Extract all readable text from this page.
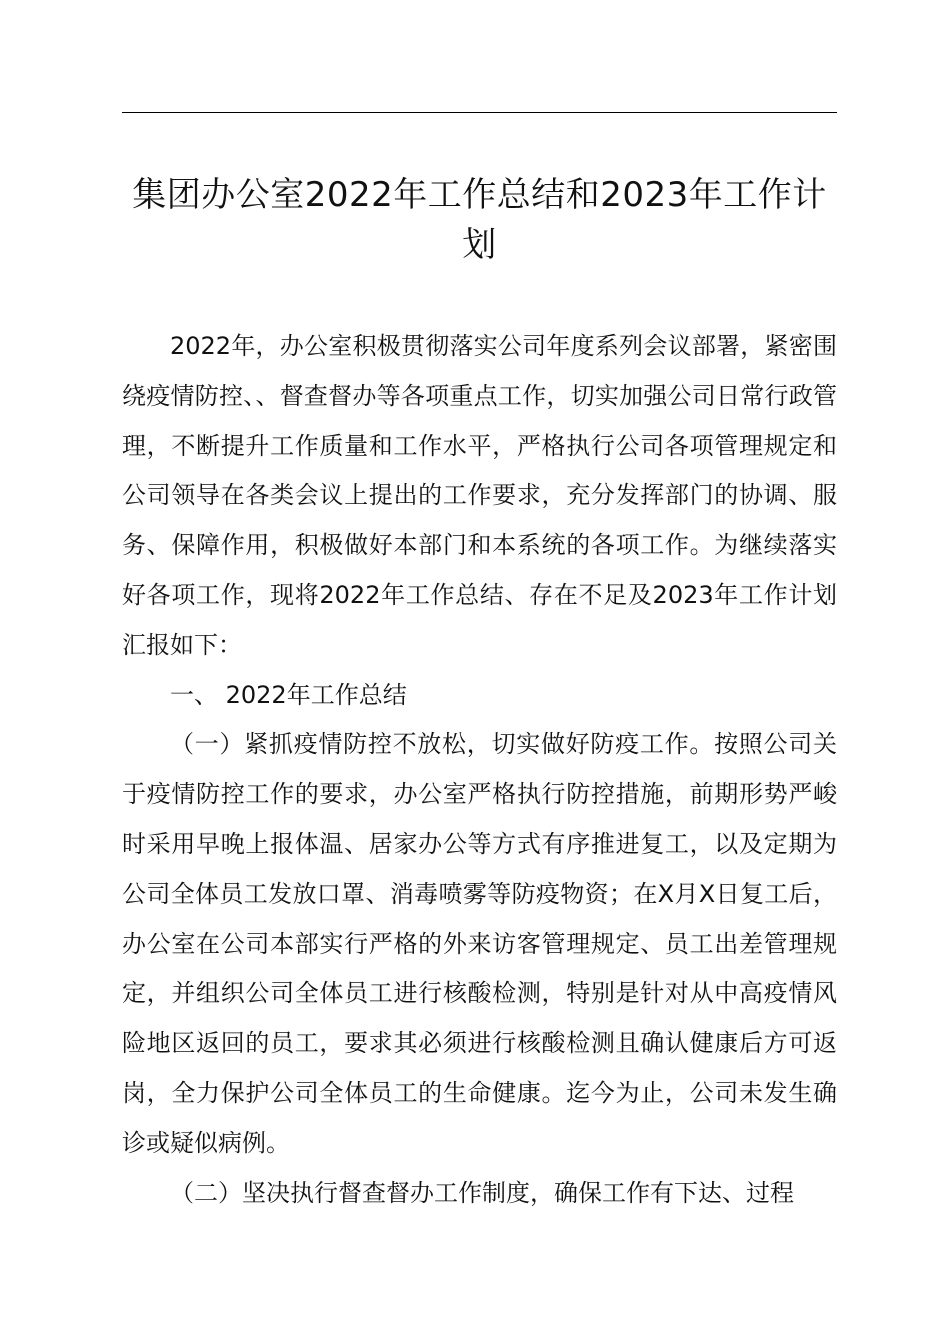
集团办公室2022年工作总结和2023年工作计划

2022年，办公室积极贯彻落实公司年度系列会议部署，紧密围绕疫情防控、、督查督办等各项重点工作，切实加强公司日常行政管理，不断提升工作质量和工作水平，严格执行公司各项管理规定和公司领导在各类会议上提出的工作要求，充分发挥部门的协调、服务、保障作用，积极做好本部门和本系统的各项工作。为继续落实好各项工作，现将2022年工作总结、存在不足及2023年工作计划汇报如下：

一、 2022年工作总结

（一）紧抓疫情防控不放松，切实做好防疫工作。按照公司关于疫情防控工作的要求，办公室严格执行防控措施，前期形势严峻时采用早晚上报体温、居家办公等方式有序推进复工，以及定期为公司全体员工发放口罩、消毒喷雾等防疫物资；在X月X日复工后，办公室在公司本部实行严格的外来访客管理规定、员工出差管理规定，并组织公司全体员工进行核酸检测，特别是针对从中高疫情风险地区返回的员工，要求其必须进行核酸检测且确认健康后方可返岗，全力保护公司全体员工的生命健康。迄今为止，公司未发生确诊或疑似病例。

（二）坚决执行督查督办工作制度，确保工作有下达、过程
